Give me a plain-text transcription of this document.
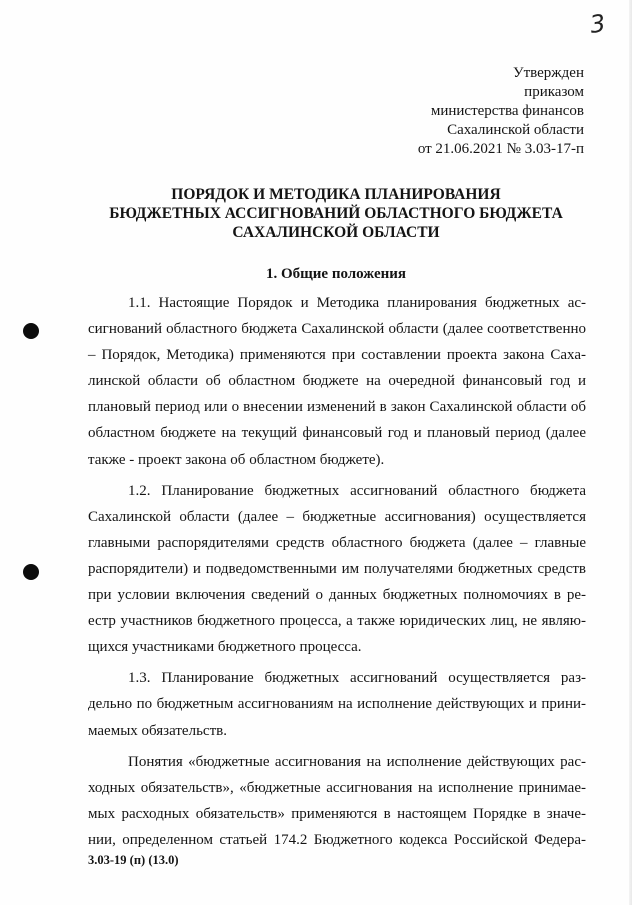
3
Утвержден
приказом
министерства финансов
Сахалинской области
от 21.06.2021 № 3.03-17-п
ПОРЯДОК И МЕТОДИКА ПЛАНИРОВАНИЯ
БЮДЖЕТНЫХ АССИГНОВАНИЙ ОБЛАСТНОГО БЮДЖЕТА
САХАЛИНСКОЙ ОБЛАСТИ
1. Общие положения
1.1. Настоящие Порядок и Методика планирования бюджетных ас-
сигнований областного бюджета Сахалинской области (далее соответственно
– Порядок, Методика) применяются при составлении проекта закона Саха-
линской области об областном бюджете на очередной финансовый год и
плановый период или о внесении изменений в закон Сахалинской области об
областном бюджете на текущий финансовый год и плановый период (далее
также - проект закона об областном бюджете).
1.2. Планирование бюджетных ассигнований областного бюджета
Сахалинской области (далее – бюджетные ассигнования) осуществляется
главными распорядителями средств областного бюджета (далее – главные
распорядители) и подведомственными им получателями бюджетных средств
при условии включения сведений о данных бюджетных полномочиях в ре-
естр участников бюджетного процесса, а также юридических лиц, не являю-
щихся участниками бюджетного процесса.
1.3. Планирование бюджетных ассигнований осуществляется раз-
дельно по бюджетным ассигнованиям на исполнение действующих и прини-
маемых обязательств.
Понятия «бюджетные ассигнования на исполнение действующих рас-
ходных обязательств», «бюджетные ассигнования на исполнение принимае-
мых расходных обязательств» применяются в настоящем Порядке в значе-
нии, определенном статьей 174.2 Бюджетного кодекса Российской Федера-
3.03-19 (п) (13.0)
